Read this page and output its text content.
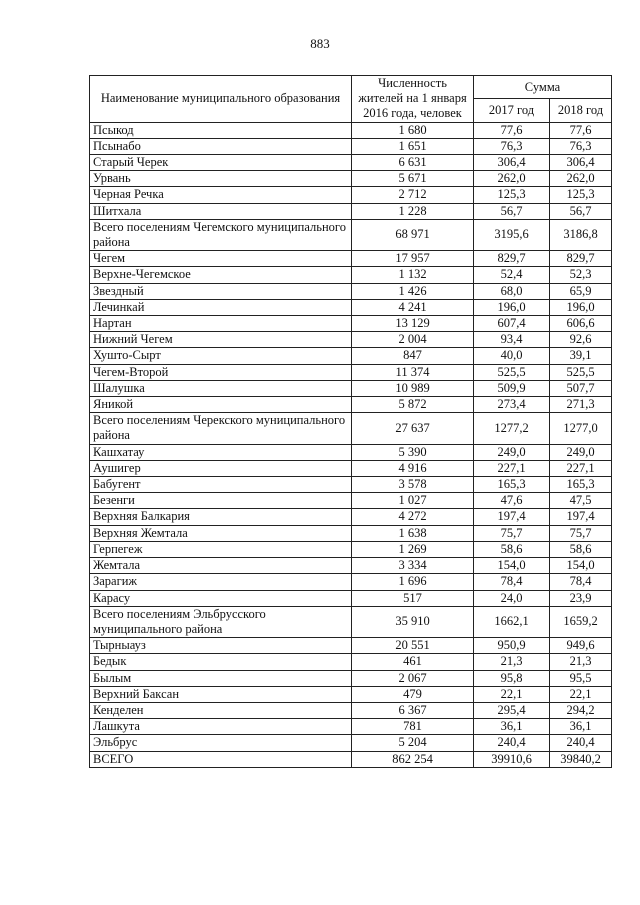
883
Наименование муниципального образования	Численность жителей на 1 января 2016 года, человек	Сумма	
		2017 год	2018 год
Псыкод	1 680	77,6	77,6
Псынабо	1 651	76,3	76,3
Старый Черек	6 631	306,4	306,4
Урвань	5 671	262,0	262,0
Черная Речка	2 712	125,3	125,3
Шитхала	1 228	56,7	56,7
Всего поселениям Чегемского муниципального района	68 971	3195,6	3186,8
Чегем	17 957	829,7	829,7
Верхне-Чегемское	1 132	52,4	52,3
Звездный	1 426	68,0	65,9
Лечинкай	4 241	196,0	196,0
Нартан	13 129	607,4	606,6
Нижний Чегем	2 004	93,4	92,6
Хушто-Сырт	847	40,0	39,1
Чегем-Второй	11 374	525,5	525,5
Шалушка	10 989	509,9	507,7
Яникой	5 872	273,4	271,3
Всего поселениям Черекского муниципального района	27 637	1277,2	1277,0
Кашхатау	5 390	249,0	249,0
Аушигер	4 916	227,1	227,1
Бабугент	3 578	165,3	165,3
Безенги	1 027	47,6	47,5
Верхняя Балкария	4 272	197,4	197,4
Верхняя Жемтала	1 638	75,7	75,7
Герпегеж	1 269	58,6	58,6
Жемтала	3 334	154,0	154,0
Зарагиж	1 696	78,4	78,4
Карасу	517	24,0	23,9
Всего поселениям Эльбрусского муниципального района	35 910	1662,1	1659,2
Тырныауз	20 551	950,9	949,6
Бедык	461	21,3	21,3
Былым	2 067	95,8	95,5
Верхний Баксан	479	22,1	22,1
Кенделен	6 367	295,4	294,2
Лашкута	781	36,1	36,1
Эльбрус	5 204	240,4	240,4
ВСЕГО	862 254	39910,6	39840,2
